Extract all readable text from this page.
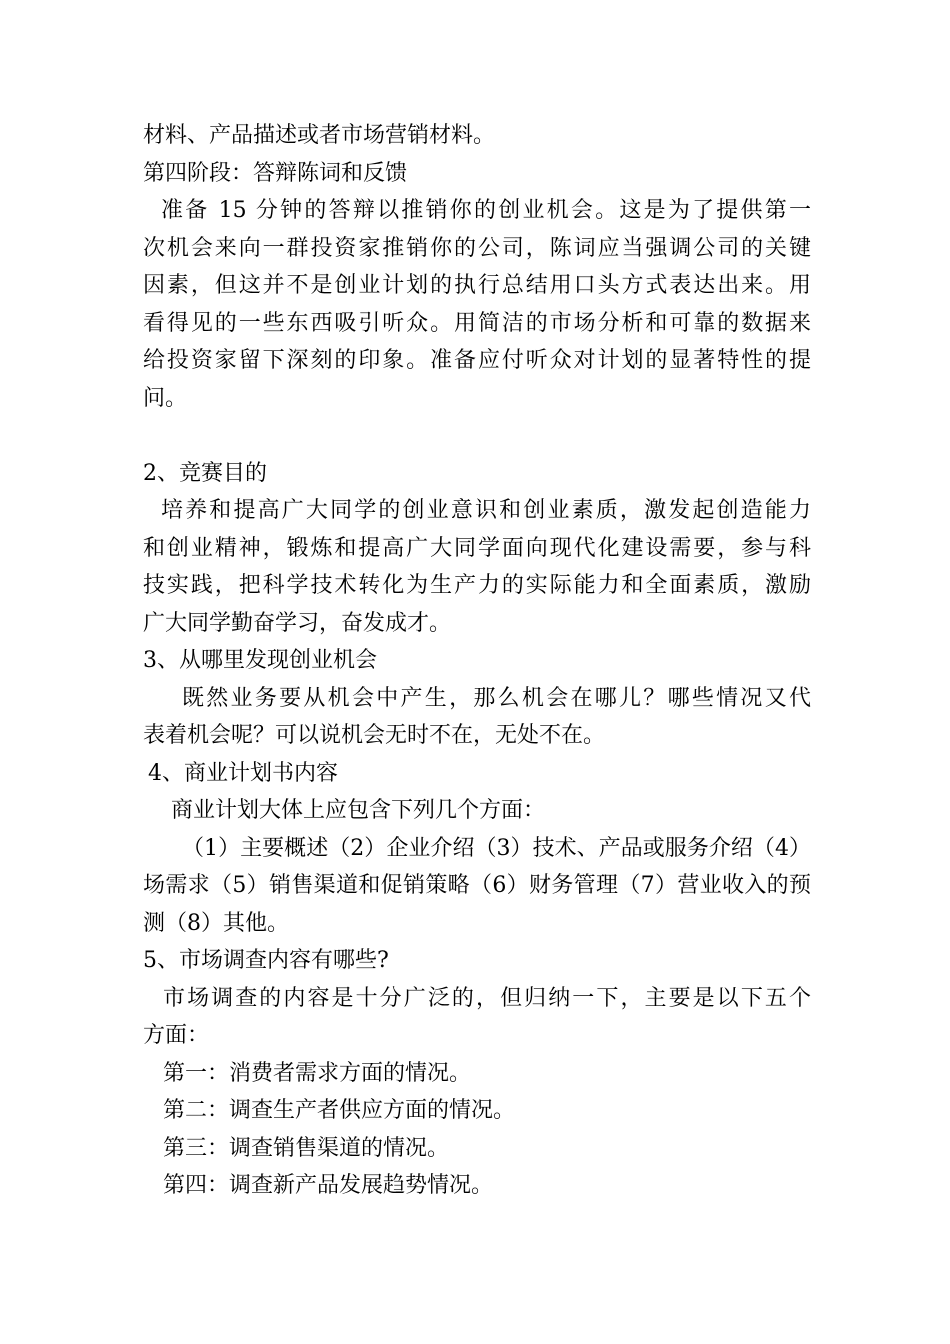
材料、产品描述或者市场营销材料。
第四阶段：答辩陈词和反馈
准备 15 分钟的答辩以推销你的创业机会。这是为了提供第一
次机会来向一群投资家推销你的公司，陈词应当强调公司的关键
因素，但这并不是创业计划的执行总结用口头方式表达出来。用
看得见的一些东西吸引听众。用简洁的市场分析和可靠的数据来
给投资家留下深刻的印象。准备应付听众对计划的显著特性的提
问。
2、竞赛目的
培养和提高广大同学的创业意识和创业素质，激发起创造能力
和创业精神，锻炼和提高广大同学面向现代化建设需要，参与科
技实践，把科学技术转化为生产力的实际能力和全面素质，激励
广大同学勤奋学习，奋发成才。
3、从哪里发现创业机会
既然业务要从机会中产生，那么机会在哪儿？哪些情况又代
表着机会呢？可以说机会无时不在，无处不在。
4、商业计划书内容
商业计划大体上应包含下列几个方面：
（1）主要概述（2）企业介绍（3）技术、产品或服务介绍（4）
场需求（5）销售渠道和促销策略（6）财务管理（7）营业收入的预
测（8）其他。
5、市场调查内容有哪些?
市场调查的内容是十分广泛的，但归纳一下，主要是以下五个
方面：
第一：消费者需求方面的情况。
第二：调查生产者供应方面的情况。
第三：调查销售渠道的情况。
第四：调查新产品发展趋势情况。
